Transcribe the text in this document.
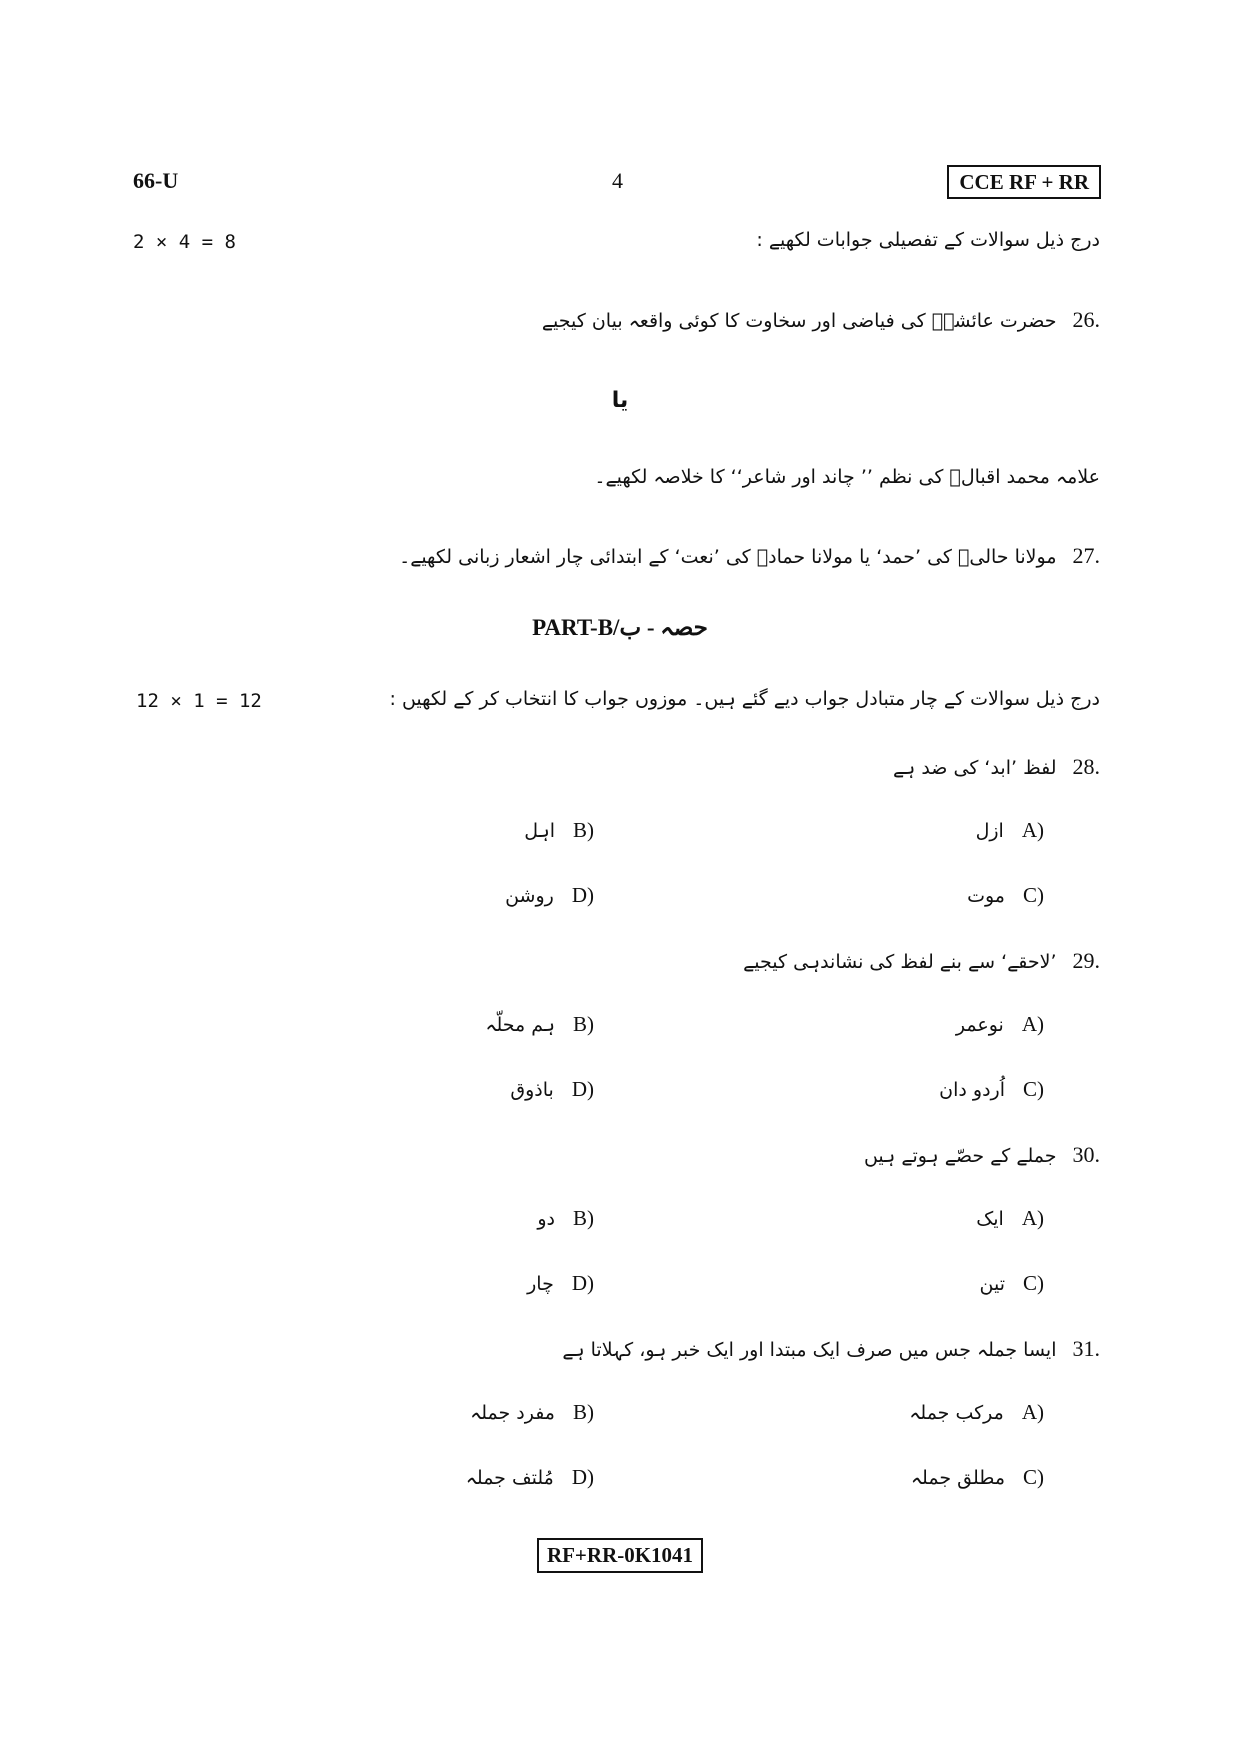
66-U	4	CCE RF + RR
2 × 4 = 8	درج ذیل سوالات کے تفصیلی جوابات لکھیے :
26.
حضرت عائشہؓ کی فیاضی اور سخاوت کا کوئی واقعہ بیان کیجیے
یا
علامہ محمد اقبالؔ کی نظم ’’ چاند اور شاعر‘‘ کا خلاصہ لکھیے۔
27.
مولانا حالیؔ کی ’حمد‘ یا مولانا حمادؔ کی ’نعت‘ کے ابتدائی چار اشعار زبانی لکھیے۔
PART-B/حصہ - ب
12 × 1 = 12	درج ذیل سوالات کے چار متبادل جواب دیے گئے ہیں۔ موزوں جواب کا انتخاب کر کے لکھیں :
28.
لفظ ’ابد‘ کی ضد ہے
A)
ازل
B)
اہل
C)
موت
D)
روشن
29.
’لاحقے‘ سے بنے لفظ کی نشاندہی کیجیے
A)
نوعمر
B)
ہم محلّہ
C)
اُردو دان
D)
باذوق
30.
جملے کے حصّے ہوتے ہیں
A)
ایک
B)
دو
C)
تین
D)
چار
31.
ایسا جملہ جس میں صرف ایک مبتدا اور ایک خبر ہو، کہلاتا ہے
A)
مرکب جملہ
B)
مفرد جملہ
C)
مطلق جملہ
D)
مُلتف جملہ
RF+RR-0K1041
